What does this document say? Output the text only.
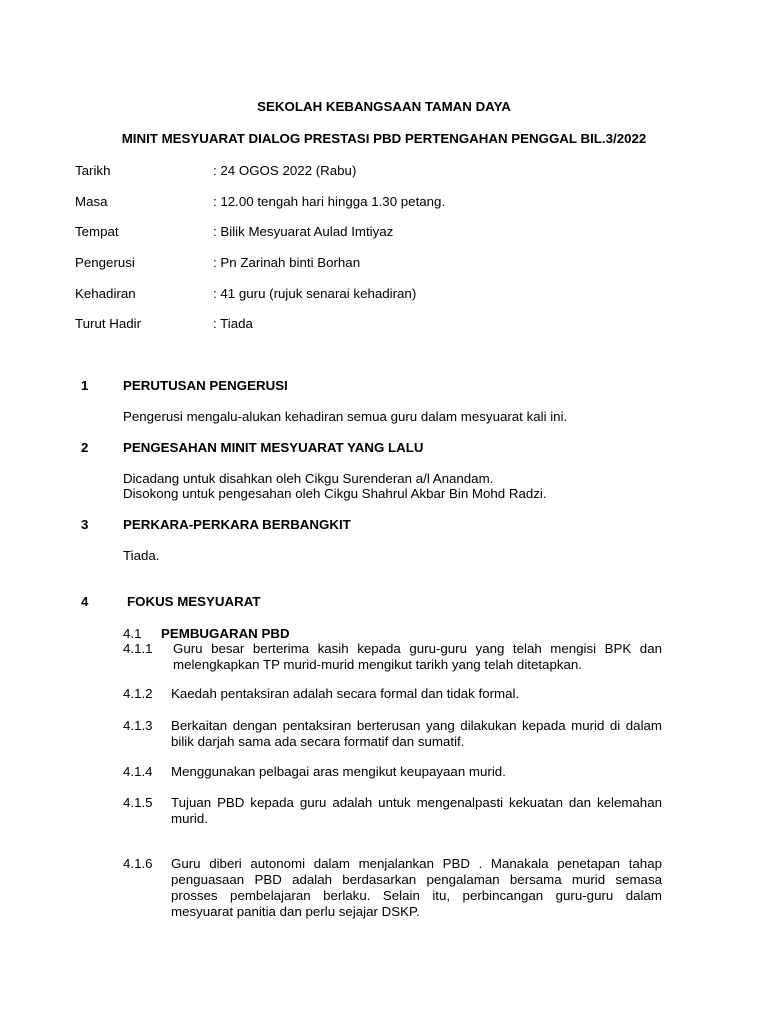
SEKOLAH KEBANGSAAN TAMAN DAYA
MINIT MESYUARAT DIALOG PRESTASI PBD PERTENGAHAN PENGGAL BIL.3/2022
Tarikh	: 24 OGOS 2022 (Rabu)
Masa	: 12.00 tengah hari hingga 1.30 petang.
Tempat	: Bilik Mesyuarat Aulad Imtiyaz
Pengerusi	: Pn Zarinah binti Borhan
Kehadiran	: 41 guru (rujuk senarai kehadiran)
Turut Hadir	: Tiada
1	PERUTUSAN PENGERUSI
Pengerusi mengalu-alukan kehadiran semua guru dalam mesyuarat kali ini.
2	PENGESAHAN MINIT MESYUARAT YANG LALU
Dicadang untuk disahkan oleh Cikgu Surenderan a/l Anandam.
Disokong untuk pengesahan oleh Cikgu Shahrul Akbar Bin Mohd Radzi.
3	PERKARA-PERKARA BERBANGKIT
Tiada.
4	FOKUS MESYUARAT
4.1 PEMBUGARAN PBD
4.1.1 Guru besar berterima kasih kepada guru-guru yang telah mengisi BPK dan melengkapkan TP murid-murid mengikut tarikh yang telah ditetapkan.
4.1.2 Kaedah pentaksiran adalah secara formal dan tidak formal.
4.1.3 Berkaitan dengan pentaksiran berterusan yang dilakukan kepada murid di dalam bilik darjah sama ada secara formatif dan sumatif.
4.1.4 Menggunakan pelbagai aras mengikut keupayaan murid.
4.1.5 Tujuan PBD kepada guru adalah untuk mengenalpasti kekuatan dan kelemahan murid.
4.1.6 Guru diberi autonomi dalam menjalankan PBD . Manakala penetapan tahap penguasaan PBD adalah berdasarkan pengalaman bersama murid semasa prosses pembelajaran berlaku. Selain itu, perbincangan guru-guru dalam mesyuarat panitia dan perlu sejajar DSKP.
